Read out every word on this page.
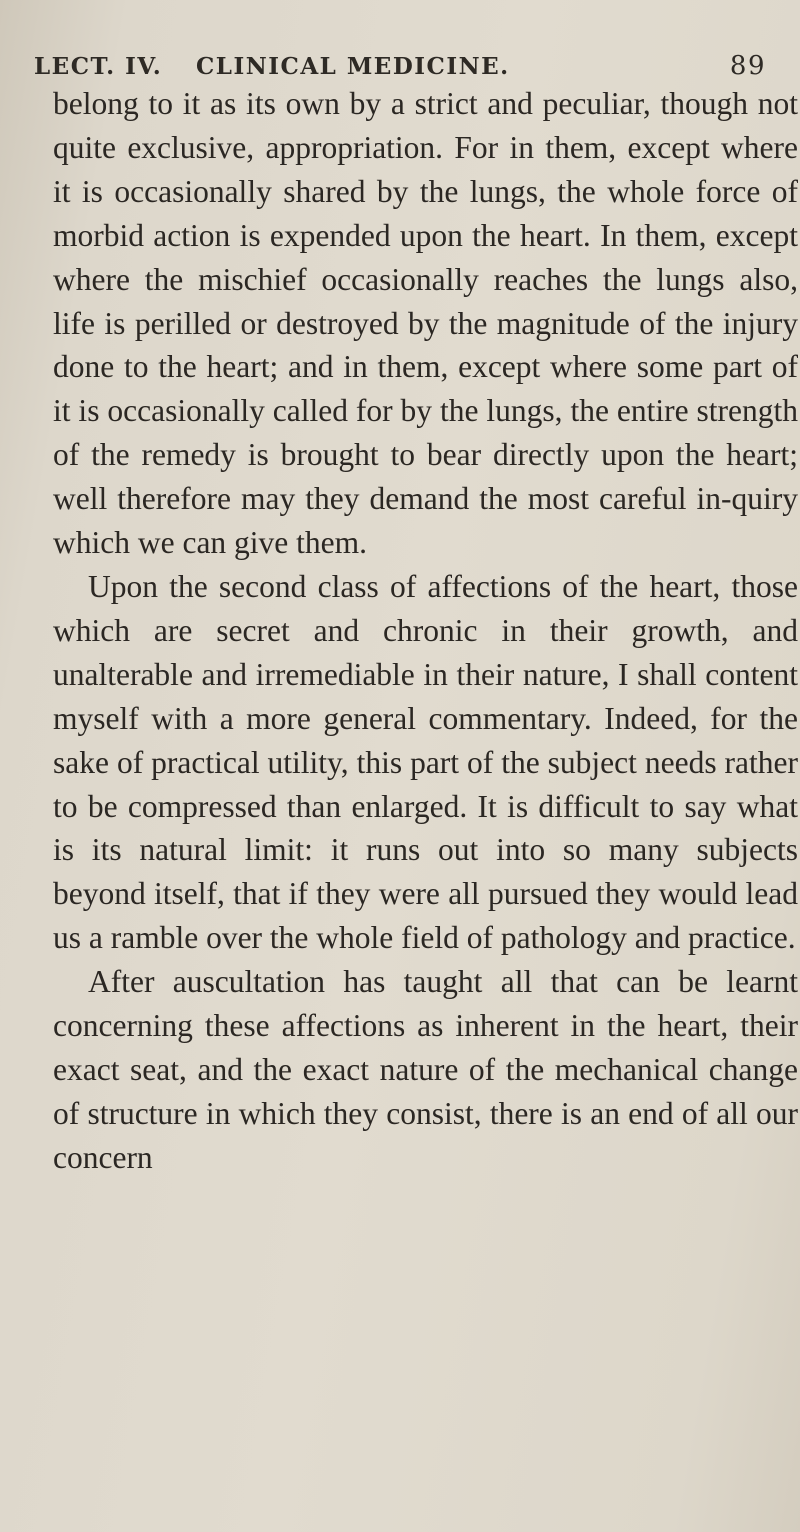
LECT. IV. CLINICAL MEDICINE.	89

belong to it as its own by a strict and peculiar, though not quite exclusive, appropriation. For in them, except where it is occasionally shared by the lungs, the whole force of morbid action is expended upon the heart. In them, except where the mischief occasionally reaches the lungs also, life is perilled or destroyed by the magnitude of the injury done to the heart; and in them, except where some part of it is occasionally called for by the lungs, the entire strength of the remedy is brought to bear directly upon the heart; well therefore may they demand the most careful in-quiry which we can give them.

Upon the second class of affections of the heart, those which are secret and chronic in their growth, and unalterable and irremediable in their nature, I shall content myself with a more general commentary. Indeed, for the sake of practical utility, this part of the subject needs rather to be compressed than enlarged. It is difficult to say what is its natural limit: it runs out into so many subjects beyond itself, that if they were all pursued they would lead us a ramble over the whole field of pathology and practice.

After auscultation has taught all that can be learnt concerning these affections as inherent in the heart, their exact seat, and the exact nature of the mechanical change of structure in which they consist, there is an end of all our concern
